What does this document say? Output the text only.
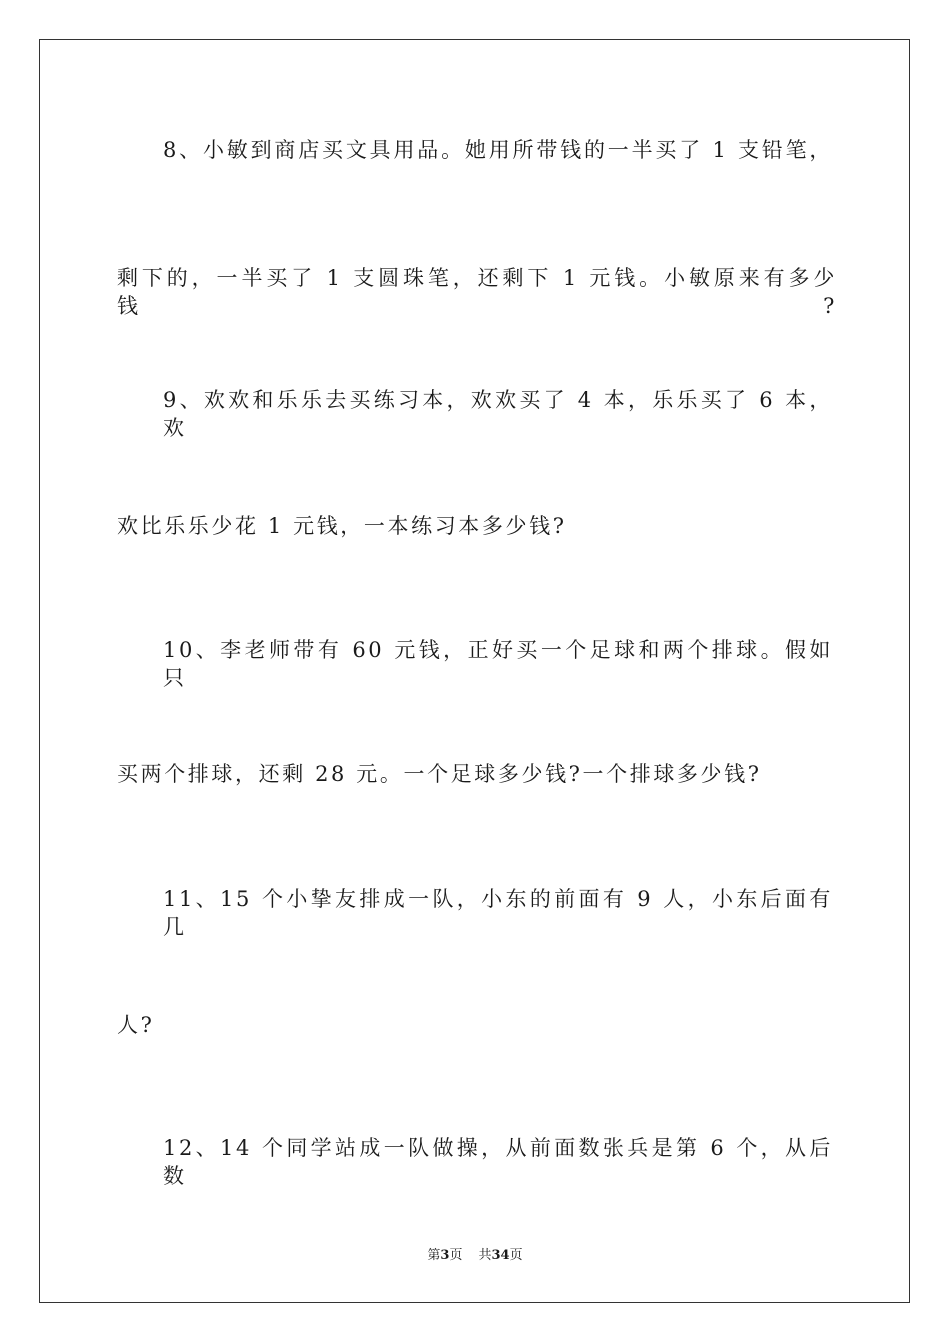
8、小敏到商店买文具用品。她用所带钱的一半买了 1 支铅笔，
剩下的，一半买了 1 支圆珠笔，还剩下 1 元钱。小敏原来有多少钱?
9、欢欢和乐乐去买练习本，欢欢买了 4 本，乐乐买了 6 本，欢
欢比乐乐少花 1 元钱，一本练习本多少钱?
10、李老师带有 60 元钱，正好买一个足球和两个排球。假如只
买两个排球，还剩 28 元。一个足球多少钱?一个排球多少钱?
11、15 个小挚友排成一队，小东的前面有 9 人，小东后面有几
人?
12、14 个同学站成一队做操，从前面数张兵是第 6 个，从后数
第3页 共34页
